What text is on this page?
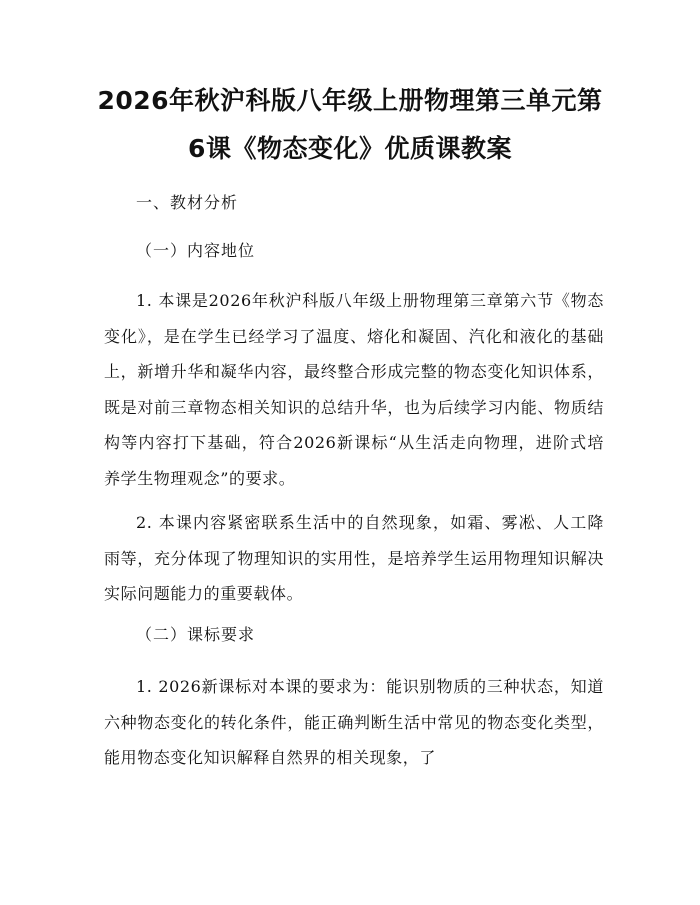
2026年秋沪科版八年级上册物理第三单元第
6课《物态变化》优质课教案
一、教材分析
（一）内容地位
1. 本课是2026年秋沪科版八年级上册物理第三章第六节《物态变化》，是在学生已经学习了温度、熔化和凝固、汽化和液化的基础上，新增升华和凝华内容，最终整合形成完整的物态变化知识体系，既是对前三章物态相关知识的总结升华，也为后续学习内能、物质结构等内容打下基础，符合2026新课标“从生活走向物理，进阶式培养学生物理观念”的要求。
2. 本课内容紧密联系生活中的自然现象，如霜、雾凇、人工降雨等，充分体现了物理知识的实用性，是培养学生运用物理知识解决实际问题能力的重要载体。
（二）课标要求
1. 2026新课标对本课的要求为：能识别物质的三种状态，知道六种物态变化的转化条件，能正确判断生活中常见的物态变化类型，能用物态变化知识解释自然界的相关现象，了
